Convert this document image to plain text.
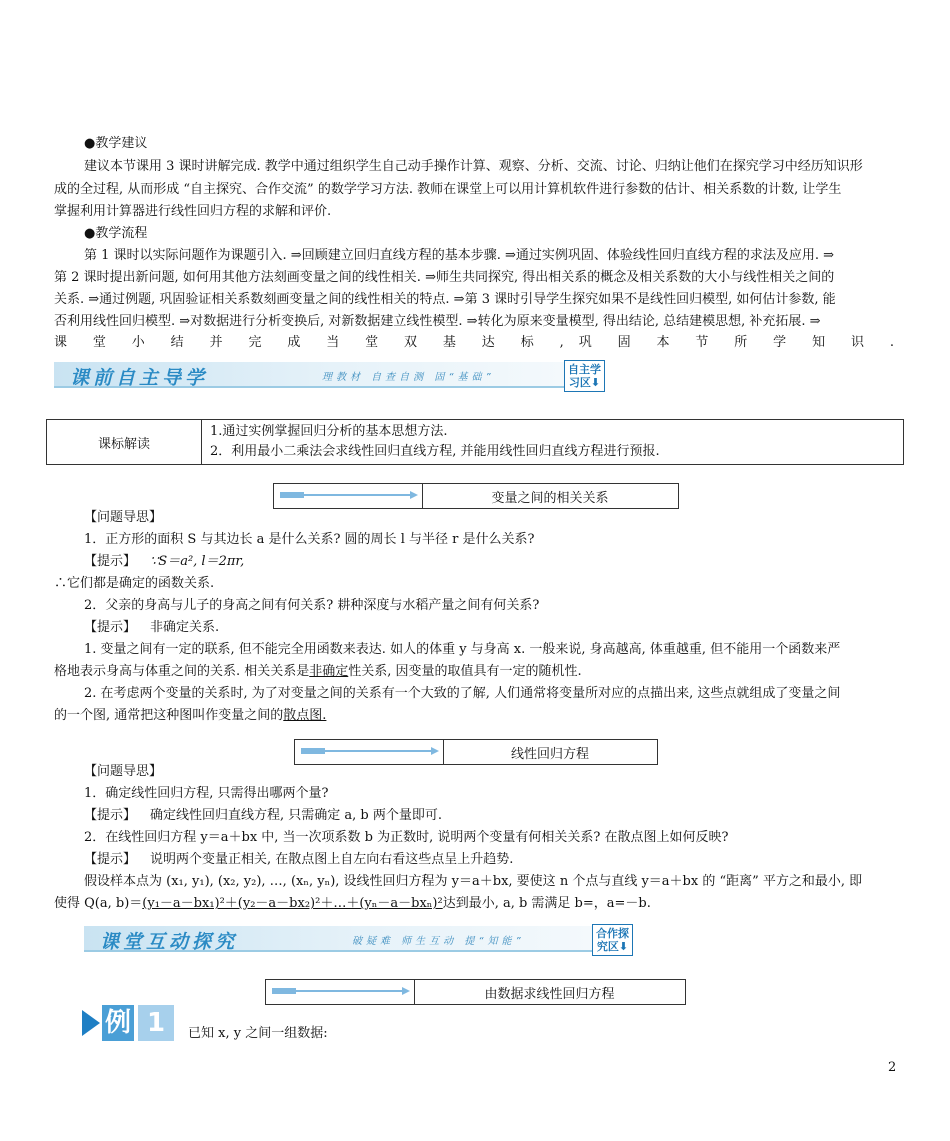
●教学建议
建议本节课用 3 课时讲解完成. 教学中通过组织学生自己动手操作计算、观察、分析、交流、讨论、归纳让他们在探究学习中经历知识形
成的全过程, 从而形成 “自主探究、合作交流” 的数学学习方法. 教师在课堂上可以用计算机软件进行参数的估计、相关系数的计数, 让学生
掌握利用计算器进行线性回归方程的求解和评价.
●教学流程
第 1 课时以实际问题作为课题引入. ⇒回顾建立回归直线方程的基本步骤. ⇒通过实例巩固、体验线性回归直线方程的求法及应用. ⇒
第 2 课时提出新问题, 如何用其他方法刻画变量之间的线性相关. ⇒师生共同探究, 得出相关系的概念及相关系数的大小与线性相关之间的
关系. ⇒通过例题, 巩固验证相关系数刻画变量之间的线性相关的特点. ⇒第 3 课时引导学生探究如果不是线性回归模型, 如何估计参数, 能
否利用线性回归模型. ⇒对数据进行分析变换后, 对新数据建立线性模型. ⇒转化为原来变量模型, 得出结论, 总结建模思想, 补充拓展. ⇒
课 堂 小 结 并 完 成 当 堂 双 基 达 标 , 巩 固 本 节 所 学 知 识 .
课前自主导学	理教材 自查自测 固“基础”
自主学
习区⬇
课标解读	
1.通过实例掌握回归分析的基本思想方法.
2．利用最小二乘法会求线性回归直线方程, 并能用线性回归直线方程进行预报.
变量之间的相关关系
【问题导思】
1．正方形的面积 S 与其边长 a 是什么关系? 圆的周长 l 与半径 r 是什么关系?
【提示】 ∵S＝a², l＝2πr,
∴它们都是确定的函数关系.
2．父亲的身高与儿子的身高之间有何关系? 耕种深度与水稻产量之间有何关系?
【提示】 非确定关系.
1. 变量之间有一定的联系, 但不能完全用函数来表达. 如人的体重 y 与身高 x. 一般来说, 身高越高, 体重越重, 但不能用一个函数来严
格地表示身高与体重之间的关系. 相关关系是非确定性关系, 因变量的取值具有一定的随机性.
2. 在考虑两个变量的关系时, 为了对变量之间的关系有一个大致的了解, 人们通常将变量所对应的点描出来, 这些点就组成了变量之间
的一个图, 通常把这种图叫作变量之间的散点图.
线性回归方程
【问题导思】
1．确定线性回归方程, 只需得出哪两个量?
【提示】 确定线性回归直线方程, 只需确定 a, b 两个量即可.
2．在线性回归方程 y＝a＋bx 中, 当一次项系数 b 为正数时, 说明两个变量有何相关关系? 在散点图上如何反映?
【提示】 说明两个变量正相关, 在散点图上自左向右看这些点呈上升趋势.
假设样本点为 (x₁, y₁), (x₂, y₂), …, (xₙ, yₙ), 设线性回归方程为 y＝a＋bx, 要使这 n 个点与直线 y＝a＋bx 的 “距离” 平方之和最小, 即
使得 Q(a, b)＝(y₁－a－bx₁)²＋(y₂－a－bx₂)²＋…＋(yₙ－a－bxₙ)²达到最小, a, b 需满足 b=，a=－b.
课堂互动探究	破疑难 师生互动 提“知能”
合作探
究区⬇
由数据求线性回归方程
例 1	已知 x, y 之间一组数据:
2
